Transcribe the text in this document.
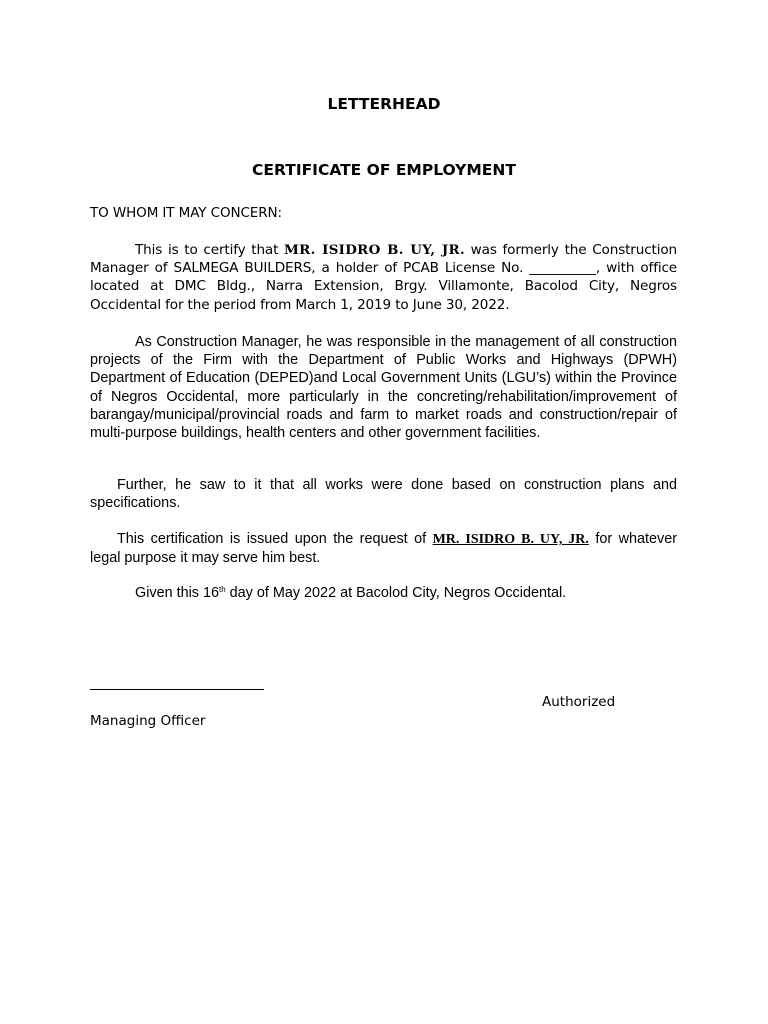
LETTERHEAD
CERTIFICATE OF EMPLOYMENT
TO WHOM IT MAY CONCERN:

This is to certify that MR. ISIDRO B. UY, JR. was formerly the Construction Manager of SALMEGA BUILDERS, a holder of PCAB License No. __________, with office located at DMC Bldg., Narra Extension, Brgy. Villamonte, Bacolod City, Negros Occidental for the period from March 1, 2019 to June 30, 2022.

As Construction Manager, he was responsible in the management of all construction projects of the Firm with the Department of Public Works and Highways (DPWH) Department of Education (DEPED)and Local Government Units (LGU’s) within the Province of Negros Occidental, more particularly in the concreting/rehabilitation/improvement of barangay/municipal/provincial roads and farm to market roads and construction/repair of multi-purpose buildings, health centers and other government facilities.

Further, he saw to it that all works were done based on construction plans and specifications.

This certification is issued upon the request of MR. ISIDRO B. UY, JR. for whatever legal purpose it may serve him best.

Given this 16th day of May 2022 at Bacolod City, Negros Occidental.

Authorized
Managing Officer
